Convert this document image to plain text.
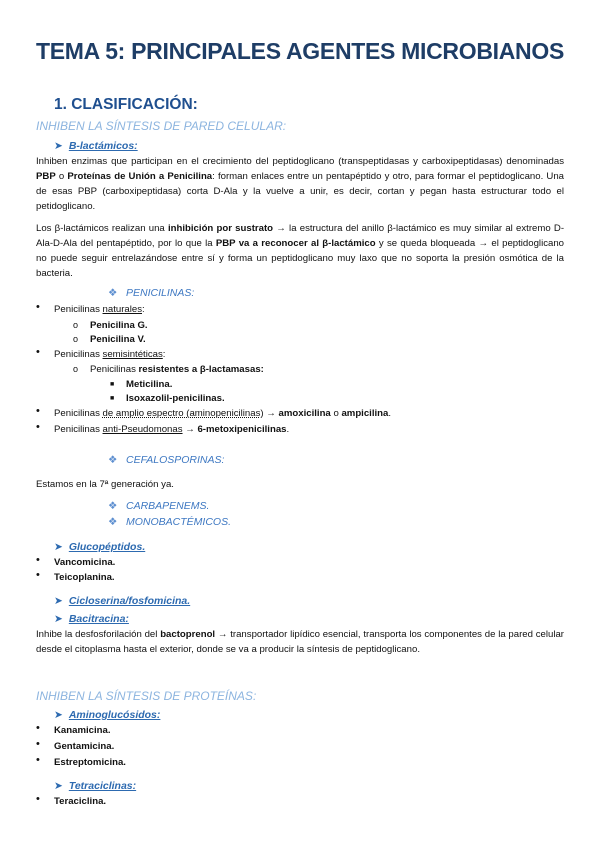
TEMA 5: PRINCIPALES AGENTES MICROBIANOS
1. CLASIFICACIÓN:
INHIBEN LA SÍNTESIS DE PARED CELULAR:
➤ B-lactámicos:
Inhiben enzimas que participan en el crecimiento del peptidoglicano (transpeptidasas y carboxipeptidasas) denominadas PBP o Proteínas de Unión a Penicilina: forman enlaces entre un pentapéptido y otro, para formar el peptidoglicano. Una de esas PBP (carboxipeptidasa) corta D-Ala y la vuelve a unir, es decir, cortan y pegan hasta estructurar todo el petidoglicano.
Los β-lactámicos realizan una inhibición por sustrato → la estructura del anillo β-lactámico es muy similar al extremo D-Ala-D-Ala del pentapéptido, por lo que la PBP va a reconocer al β-lactámico y se queda bloqueada → el peptidoglicano no puede seguir entrelazándose entre sí y forma un peptidoglicano muy laxo que no soporta la presión osmótica de la bacteria.
❖ PENICILINAS:
• Penicilinas naturales:
o Penicilina G.
o Penicilina V.
• Penicilinas semisintéticas:
o Penicilinas resistentes a β-lactamasas:
■ Meticilina.
■ Isoxazolil-penicilinas.
• Penicilinas de amplio espectro (aminopenicilinas) → amoxicilina o ampicilina.
• Penicilinas anti-Pseudomonas → 6-metoxipenicilinas.
❖ CEFALOSPORINAS:
Estamos en la 7ª generación ya.
❖ CARBAPENEMS.
❖ MONOBACTÉMICOS.
➤ Glucopéptidos.
• Vancomicina.
• Teicoplanina.
➤ Cicloserina/fosfomicina.
➤ Bacitracina:
Inhibe la desfosforilación del bactoprenol → transportador lipídico esencial, transporta los componentes de la pared celular desde el citoplasma hasta el exterior, donde se va a producir la síntesis de peptidoglicano.
INHIBEN LA SÍNTESIS DE PROTEÍNAS:
➤ Aminoglucósidos:
• Kanamicina.
• Gentamicina.
• Estreptomicina.
➤ Tetraciclinas:
• Teraciclina.
